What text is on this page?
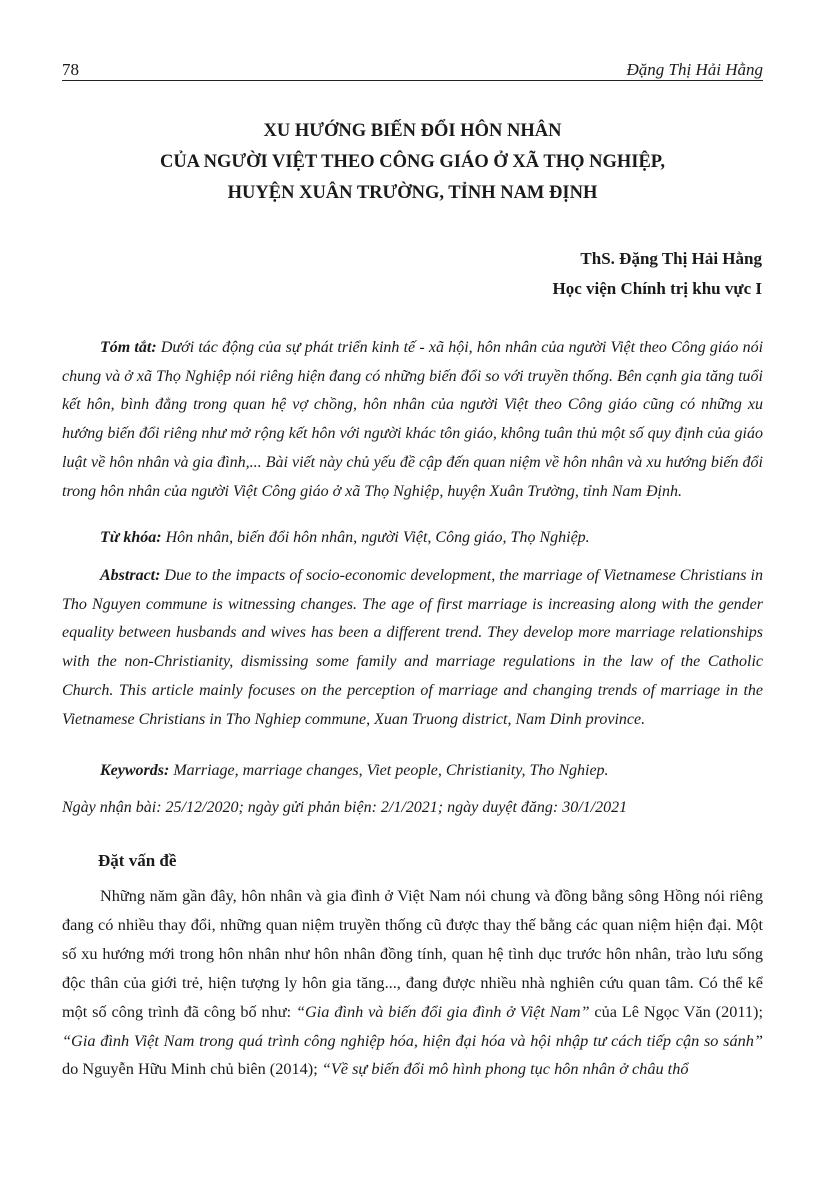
78	Đặng Thị Hải Hằng
XU HƯỚNG BIẾN ĐỔI HÔN NHÂN
CỦA NGƯỜI VIỆT THEO CÔNG GIÁO Ở XÃ THỌ NGHIỆP,
HUYỆN XUÂN TRƯỜNG, TỈNH NAM ĐỊNH
ThS. Đặng Thị Hải Hằng
Học viện Chính trị khu vực I
Tóm tắt: Dưới tác động của sự phát triển kinh tế - xã hội, hôn nhân của người Việt theo Công giáo nói chung và ở xã Thọ Nghiệp nói riêng hiện đang có những biến đổi so với truyền thống. Bên cạnh gia tăng tuổi kết hôn, bình đẳng trong quan hệ vợ chồng, hôn nhân của người Việt theo Công giáo cũng có những xu hướng biến đổi riêng như mở rộng kết hôn với người khác tôn giáo, không tuân thủ một số quy định của giáo luật về hôn nhân và gia đình,... Bài viết này chủ yếu đề cập đến quan niệm về hôn nhân và xu hướng biến đổi trong hôn nhân của người Việt Công giáo ở xã Thọ Nghiệp, huyện Xuân Trường, tỉnh Nam Định.
Từ khóa: Hôn nhân, biến đổi hôn nhân, người Việt, Công giáo, Thọ Nghiệp.
Abstract: Due to the impacts of socio-economic development, the marriage of Vietnamese Christians in Tho Nguyen commune is witnessing changes. The age of first marriage is increasing along with the gender equality between husbands and wives has been a different trend. They develop more marriage relationships with the non-Christianity, dismissing some family and marriage regulations in the law of the Catholic Church. This article mainly focuses on the perception of marriage and changing trends of marriage in the Vietnamese Christians in Tho Nghiep commune, Xuan Truong district, Nam Dinh province.
Keywords: Marriage, marriage changes, Viet people, Christianity, Tho Nghiep.
Ngày nhận bài: 25/12/2020; ngày gửi phản biện: 2/1/2021; ngày duyệt đăng: 30/1/2021
Đặt vấn đề
Những năm gần đây, hôn nhân và gia đình ở Việt Nam nói chung và đồng bằng sông Hồng nói riêng đang có nhiều thay đổi, những quan niệm truyền thống cũ được thay thế bằng các quan niệm hiện đại. Một số xu hướng mới trong hôn nhân như hôn nhân đồng tính, quan hệ tình dục trước hôn nhân, trào lưu sống độc thân của giới trẻ, hiện tượng ly hôn gia tăng..., đang được nhiều nhà nghiên cứu quan tâm. Có thể kể một số công trình đã công bố như: “Gia đình và biến đổi gia đình ở Việt Nam” của Lê Ngọc Văn (2011); “Gia đình Việt Nam trong quá trình công nghiệp hóa, hiện đại hóa và hội nhập tư cách tiếp cận so sánh” do Nguyễn Hữu Minh chủ biên (2014); “Về sự biến đổi mô hình phong tục hôn nhân ở châu thổ
